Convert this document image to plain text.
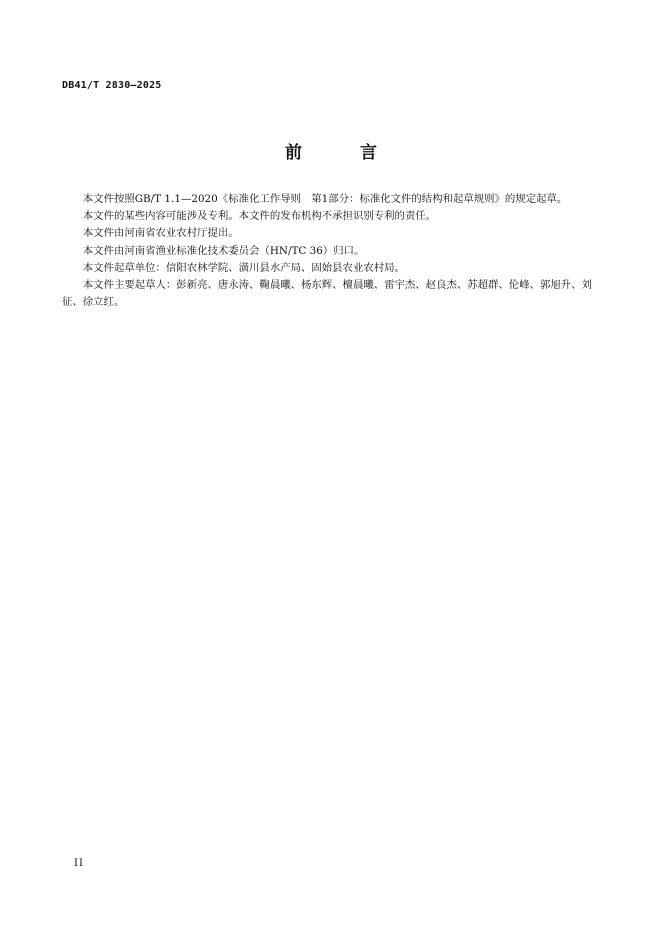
DB41/T 2830—2025
前 言

本文件按照GB/T 1.1—2020《标准化工作导则　第1部分：标准化文件的结构和起草规则》的规定起草。

本文件的某些内容可能涉及专利。本文件的发布机构不承担识别专利的责任。

本文件由河南省农业农村厅提出。

本文件由河南省渔业标准化技术委员会（HN/TC 36）归口。

本文件起草单位：信阳农林学院、潢川县水产局、固始县农业农村局。

本文件主要起草人：彭新亮、唐永涛、鞠晨曦、杨东辉、檀晨曦、雷宇杰、赵良杰、苏超群、伦峰、郭旭升、刘征、徐立红。

II
